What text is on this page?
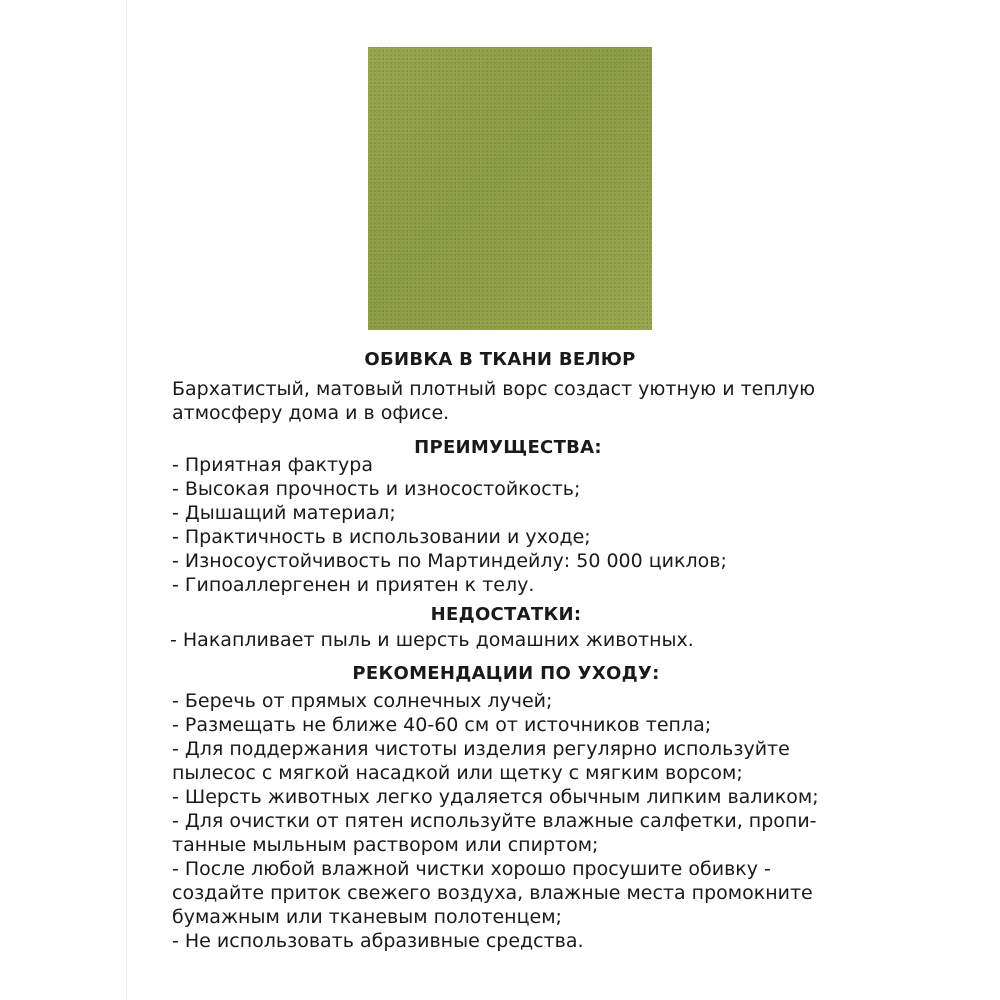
ОБИВКА В ТКАНИ ВЕЛЮР

Бархатистый, матовый плотный ворс создаст уютную и теплую
атмосферу дома и в офисе.

ПРЕИМУЩЕСТВА:
- Приятная фактура
- Высокая прочность и износостойкость;
- Дышащий материал;
- Практичность в использовании и уходе;
- Износоустойчивость по Мартиндейлу: 50 000 циклов;
- Гипоаллергенен и приятен к телу.
НЕДОСТАТКИ:
- Накапливает пыль и шерсть домашних животных.
РЕКОМЕНДАЦИИ ПО УХОДУ:
- Беречь от прямых солнечных лучей;
- Размещать не ближе 40-60 см от источников тепла;
- Для поддержания чистоты изделия регулярно используйте
пылесос с мягкой насадкой или щетку с мягким ворсом;
- Шерсть животных легко удаляется обычным липким валиком;
- Для очистки от пятен используйте влажные салфетки, пропи-
танные мыльным раствором или спиртом;
- После любой влажной чистки хорошо просушите обивку -
создайте приток свежего воздуха, влажные места промокните
бумажным или тканевым полотенцем;
- Не использовать абразивные средства.
